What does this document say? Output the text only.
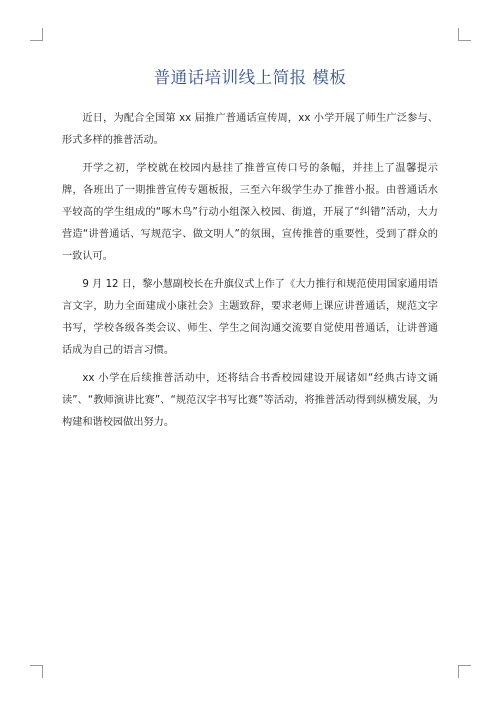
普通话培训线上简报 模板

近日，为配合全国第 xx 届推广普通话宣传周，xx 小学开展了师生广泛参与、形式多样的推普活动。

开学之初，学校就在校园内悬挂了推普宣传口号的条幅，并挂上了温馨提示牌，各班出了一期推普宣传专题板报，三至六年级学生办了推普小报。由普通话水平较高的学生组成的“啄木鸟”行动小组深入校园、街道，开展了“纠错”活动，大力营造“讲普通话、写规范字、做文明人”的氛围，宣传推普的重要性，受到了群众的一致认可。

9 月 12 日，黎小慧副校长在升旗仪式上作了《大力推行和规范使用国家通用语言文字，助力全面建成小康社会》主题致辞，要求老师上课应讲普通话，规范文字书写，学校各级各类会议、师生、学生之间沟通交流要自觉使用普通话，让讲普通话成为自己的语言习惯。

xx 小学在后续推普活动中，还将结合书香校园建设开展诸如“经典古诗文诵读”、“教师演讲比赛”、“规范汉字书写比赛”等活动，将推普活动得到纵横发展，为构建和谐校园做出努力。
